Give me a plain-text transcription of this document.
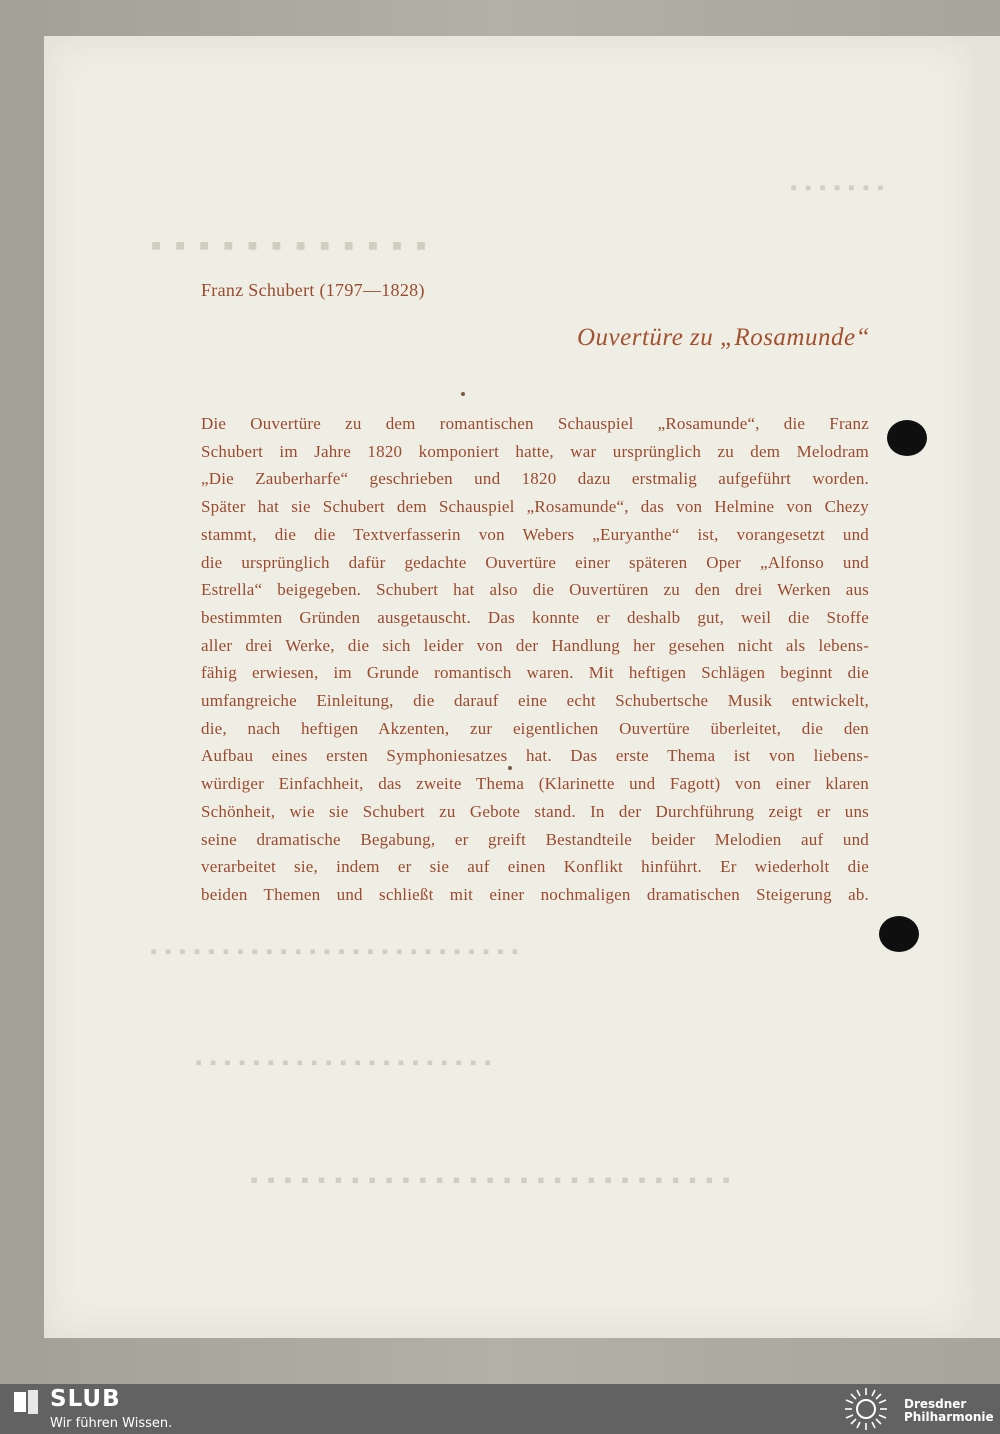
▪ ▪ ▪ ▪ ▪ ▪ ▪
▪ ▪ ▪ ▪ ▪ ▪ ▪ ▪ ▪ ▪ ▪ ▪
▪ ▪ ▪ ▪ ▪ ▪ ▪ ▪ ▪ ▪ ▪ ▪ ▪ ▪ ▪ ▪ ▪ ▪ ▪ ▪ ▪ ▪ ▪ ▪ ▪ ▪
▪ ▪ ▪ ▪ ▪ ▪ ▪ ▪ ▪ ▪ ▪ ▪ ▪ ▪ ▪ ▪ ▪ ▪ ▪ ▪ ▪
▪ ▪ ▪ ▪ ▪ ▪ ▪ ▪ ▪ ▪ ▪ ▪ ▪ ▪ ▪ ▪ ▪ ▪ ▪ ▪ ▪ ▪ ▪ ▪ ▪ ▪ ▪ ▪ ▪
Franz Schubert (1797—1828)
Ouvertüre zu „Rosamunde“
Die Ouvertüre zu dem romantischen Schauspiel „Rosamunde“, die Franz
Schubert im Jahre 1820 komponiert hatte, war ursprünglich zu dem Melodram
„Die Zauberharfe“ geschrieben und 1820 dazu erstmalig aufgeführt worden.
Später hat sie Schubert dem Schauspiel „Rosamunde“, das von Helmine von Chezy
stammt, die die Textverfasserin von Webers „Euryanthe“ ist, vorangesetzt und
die ursprünglich dafür gedachte Ouvertüre einer späteren Oper „Alfonso und
Estrella“ beigegeben. Schubert hat also die Ouvertüren zu den drei Werken aus
bestimmten Gründen ausgetauscht. Das konnte er deshalb gut, weil die Stoffe
aller drei Werke, die sich leider von der Handlung her gesehen nicht als lebens-
fähig erwiesen, im Grunde romantisch waren. Mit heftigen Schlägen beginnt die
umfangreiche Einleitung, die darauf eine echt Schubertsche Musik entwickelt,
die, nach heftigen Akzenten, zur eigentlichen Ouvertüre überleitet, die den
Aufbau eines ersten Symphoniesatzes hat. Das erste Thema ist von liebens-
würdiger Einfachheit, das zweite Thema (Klarinette und Fagott) von einer klaren
Schönheit, wie sie Schubert zu Gebote stand. In der Durchführung zeigt er uns
seine dramatische Begabung, er greift Bestandteile beider Melodien auf und
verarbeitet sie, indem er sie auf einen Konflikt hinführt. Er wiederholt die
beiden Themen und schließt mit einer nochmaligen dramatischen Steigerung ab.
SLUB
Wir führen Wissen.
Dresdner
Philharmonie
